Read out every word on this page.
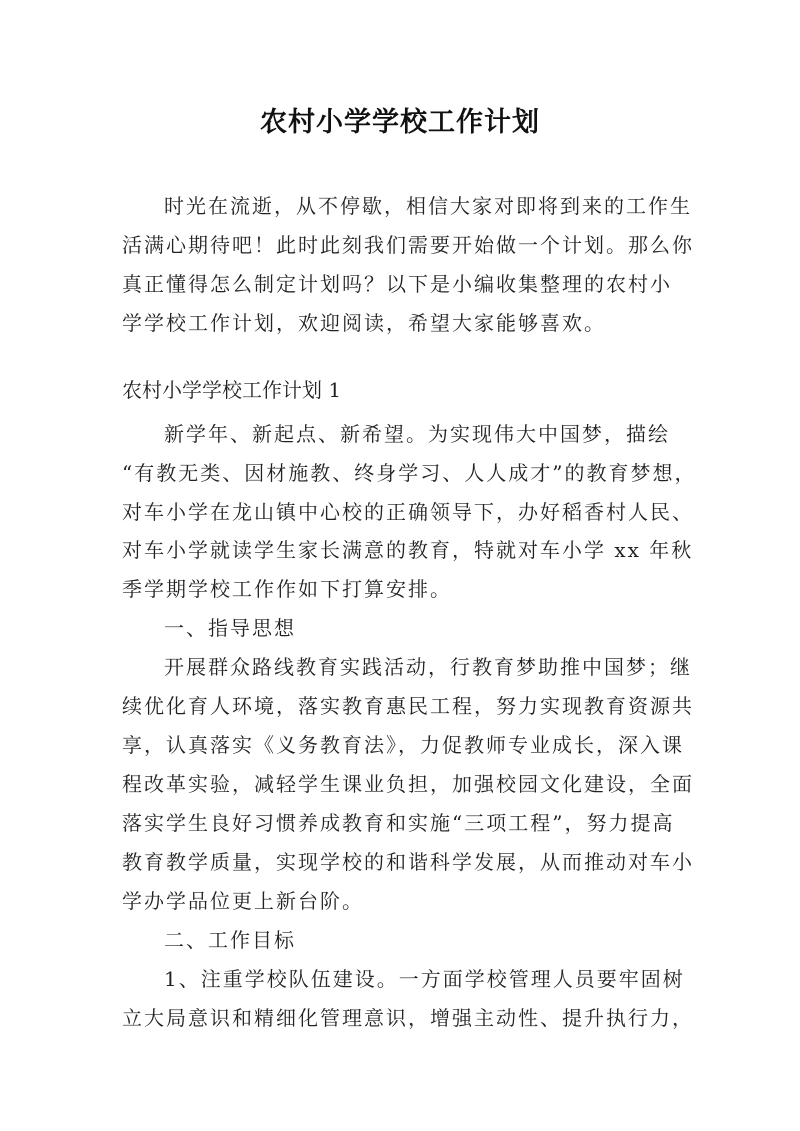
农村小学学校工作计划
时光在流逝，从不停歇，相信大家对即将到来的工作生
活满心期待吧！此时此刻我们需要开始做一个计划。那么你
真正懂得怎么制定计划吗？以下是小编收集整理的农村小
学学校工作计划，欢迎阅读，希望大家能够喜欢。
农村小学学校工作计划 1
新学年、新起点、新希望。为实现伟大中国梦，描绘
“有教无类、因材施教、终身学习、人人成才”的教育梦想，
对车小学在龙山镇中心校的正确领导下，办好稻香村人民、
对车小学就读学生家长满意的教育，特就对车小学 xx 年秋
季学期学校工作作如下打算安排。
一、指导思想
开展群众路线教育实践活动，行教育梦助推中国梦；继
续优化育人环境，落实教育惠民工程，努力实现教育资源共
享，认真落实《义务教育法》，力促教师专业成长，深入课
程改革实验，减轻学生课业负担，加强校园文化建设，全面
落实学生良好习惯养成教育和实施“三项工程”，努力提高
教育教学质量，实现学校的和谐科学发展，从而推动对车小
学办学品位更上新台阶。
二、工作目标
1、注重学校队伍建设。一方面学校管理人员要牢固树
立大局意识和精细化管理意识，增强主动性、提升执行力，
